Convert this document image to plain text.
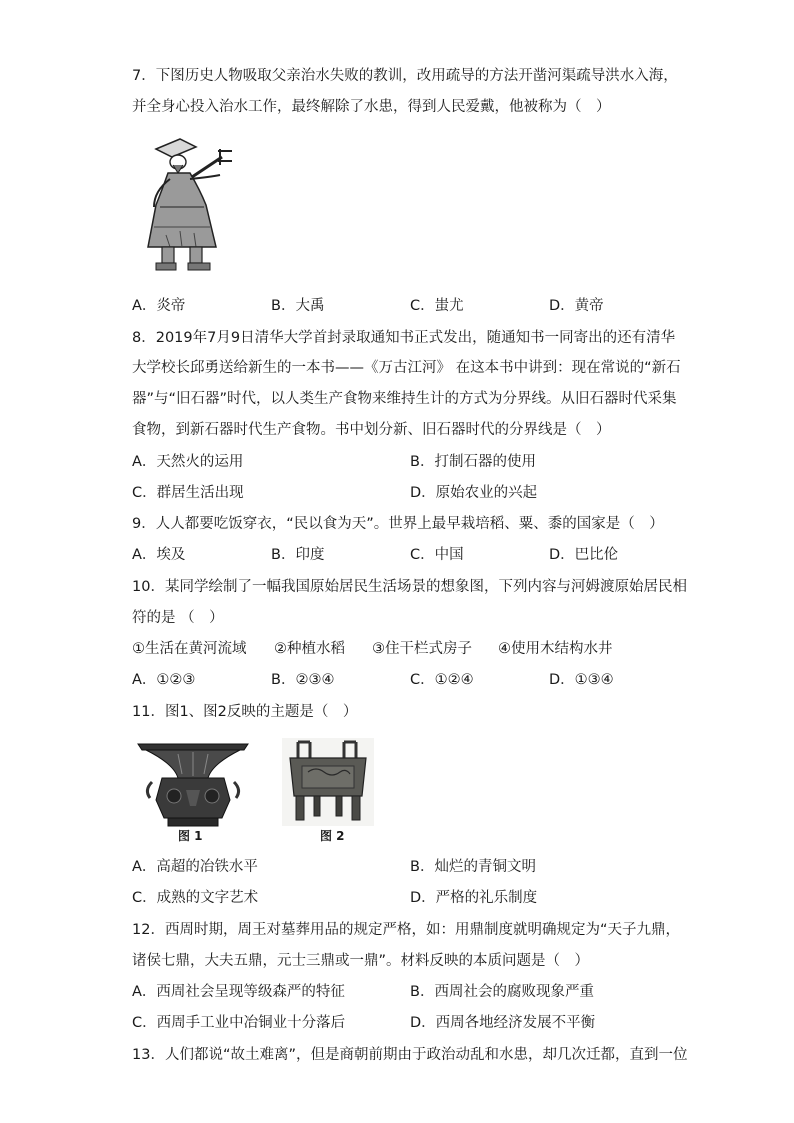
7．下图历史人物吸取父亲治水失败的教训，改用疏导的方法开凿河渠疏导洪水入海，
并全身心投入治水工作，最终解除了水患，得到人民爱戴，他被称为（　）
A．炎帝	B．大禹	C．蚩尤	D．黄帝
8．2019年7月9日清华大学首封录取通知书正式发出，随通知书一同寄出的还有清华
大学校长邱勇送给新生的一本书——《万古江河》 在这本书中讲到：现在常说的“新石
器”与“旧石器”时代，以人类生产食物来维持生计的方式为分界线。从旧石器时代采集
食物，到新石器时代生产食物。书中划分新、旧石器时代的分界线是（　）
A．天然火的运用	B．打制石器的使用
C．群居生活出现	D．原始农业的兴起
9．人人都要吃饭穿衣，“民以食为天”。世界上最早栽培稻、粟、黍的国家是（　）
A．埃及	B．印度	C．中国	D．巴比伦
10．某同学绘制了一幅我国原始居民生活场景的想象图，下列内容与河姆渡原始居民相
符的是 （　）
①生活在黄河流域 ②种植水稻 ③住干栏式房子 ④使用木结构水井
A．①②③	B．②③④	C．①②④	D．①③④
11．图1、图2反映的主题是（　）
图 1	图 2
A．高超的冶铁水平	B．灿烂的青铜文明
C．成熟的文字艺术	D．严格的礼乐制度
12．西周时期，周王对墓葬用品的规定严格，如：用鼎制度就明确规定为“天子九鼎，
诸侯七鼎，大夫五鼎，元士三鼎或一鼎”。材料反映的本质问题是（　）
A．西周社会呈现等级森严的特征	B．西周社会的腐败现象严重
C．西周手工业中冶铜业十分落后	D．西周各地经济发展不平衡
13．人们都说“故土难离”，但是商朝前期由于政治动乱和水患，却几次迁都，直到一位
